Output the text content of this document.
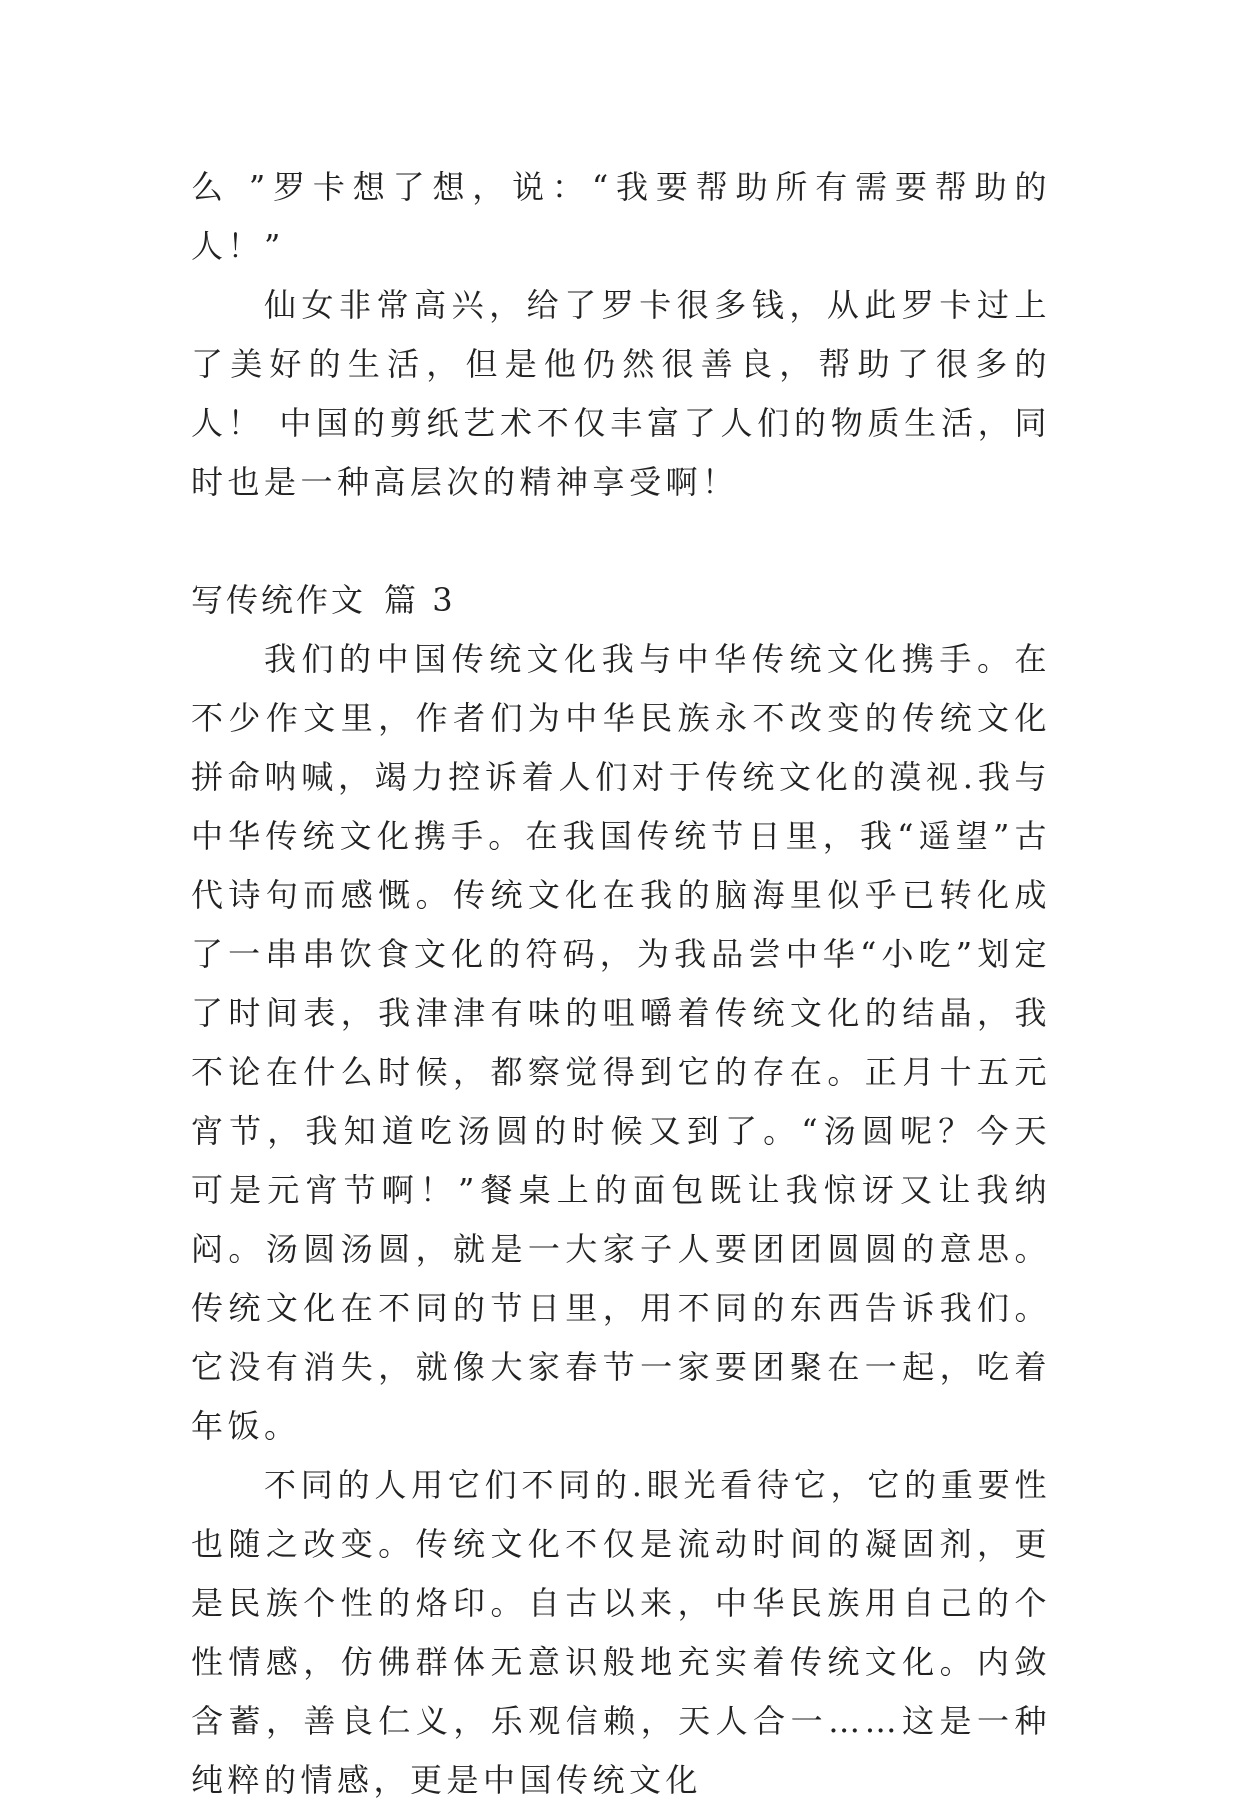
么 ”罗卡想了想，说：“我要帮助所有需要帮助的人！”

仙女非常高兴，给了罗卡很多钱，从此罗卡过上了美好的生活，但是他仍然很善良，帮助了很多的人！ 中国的剪纸艺术不仅丰富了人们的物质生活，同时也是一种高层次的精神享受啊！

写传统作文 篇 3

我们的中国传统文化我与中华传统文化携手。在不少作文里，作者们为中华民族永不改变的传统文化拼命呐喊，竭力控诉着人们对于传统文化的漠视.我与中华传统文化携手。在我国传统节日里，我“遥望”古代诗句而感慨。传统文化在我的脑海里似乎已转化成了一串串饮食文化的符码，为我品尝中华“小吃”划定了时间表，我津津有味的咀嚼着传统文化的结晶，我不论在什么时候，都察觉得到它的存在。正月十五元宵节，我知道吃汤圆的时候又到了。“汤圆呢？今天可是元宵节啊！”餐桌上的面包既让我惊讶又让我纳闷。汤圆汤圆，就是一大家子人要团团圆圆的意思。传统文化在不同的节日里，用不同的东西告诉我们。它没有消失，就像大家春节一家要团聚在一起，吃着年饭。

不同的人用它们不同的.眼光看待它，它的重要性也随之改变。传统文化不仅是流动时间的凝固剂，更是民族个性的烙印。自古以来，中华民族用自己的个性情感，仿佛群体无意识般地充实着传统文化。内敛含蓄，善良仁义，乐观信赖，天人合一……这是一种纯粹的情感，更是中国传统文化
